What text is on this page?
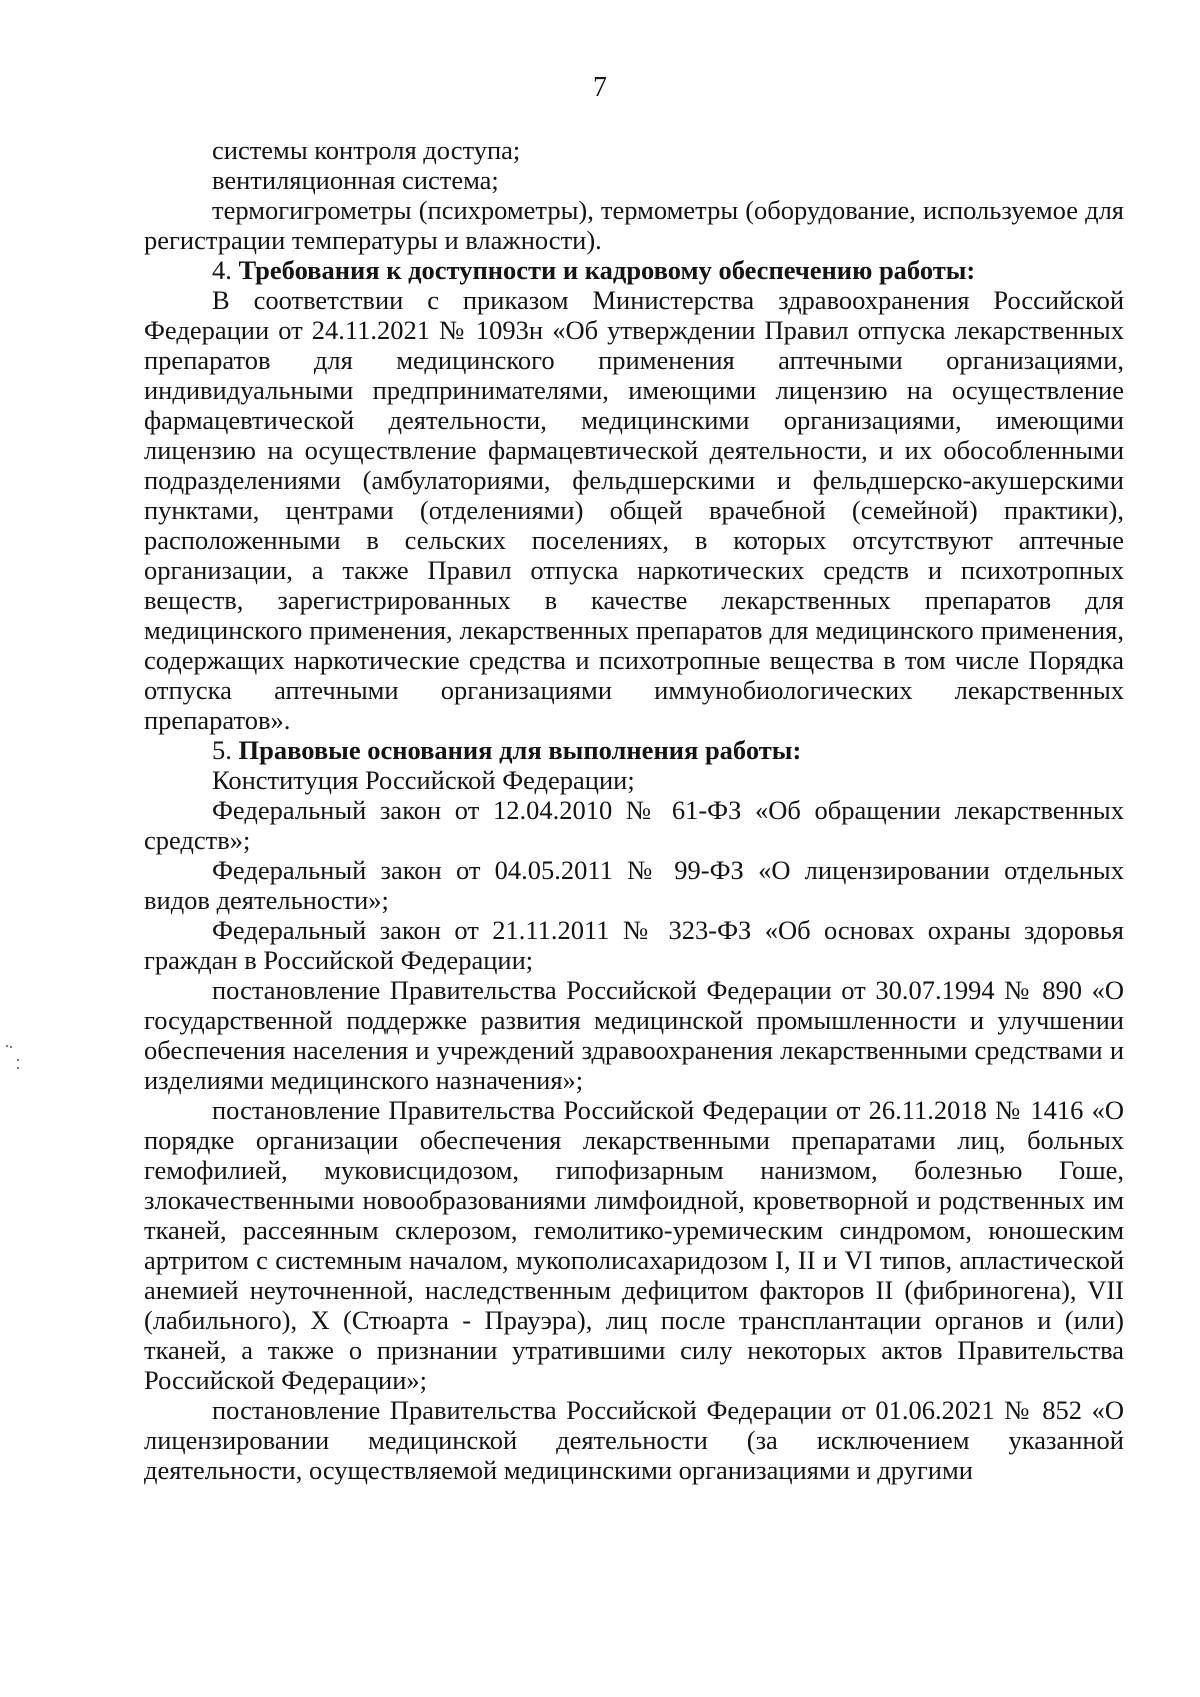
7

системы контроля доступа;

вентиляционная система;

термогигрометры (психрометры), термометры (оборудование, используемое для регистрации температуры и влажности).

4. Требования к доступности и кадровому обеспечению работы:

В соответствии с приказом Министерства здравоохранения Российской Федерации от 24.11.2021 № 1093н «Об утверждении Правил отпуска лекарственных препаратов для медицинского применения аптечными организациями, индивидуальными предпринимателями, имеющими лицензию на осуществление фармацевтической деятельности, медицинскими организациями, имеющими лицензию на осуществление фармацевтической деятельности, и их обособленными подразделениями (амбулаториями, фельдшерскими и фельдшерско-акушерскими пунктами, центрами (отделениями) общей врачебной (семейной) практики), расположенными в сельских поселениях, в которых отсутствуют аптечные организации, а также Правил отпуска наркотических средств и психотропных веществ, зарегистрированных в качестве лекарственных препаратов для медицинского применения, лекарственных препаратов для медицинского применения, содержащих наркотические средства и психотропные вещества в том числе Порядка отпуска аптечными организациями иммунобиологических лекарственных препаратов».

5. Правовые основания для выполнения работы:

Конституция Российской Федерации;

Федеральный закон от 12.04.2010 № 61-ФЗ «Об обращении лекарственных средств»;

Федеральный закон от 04.05.2011 № 99-ФЗ «О лицензировании отдельных видов деятельности»;

Федеральный закон от 21.11.2011 № 323-ФЗ «Об основах охраны здоровья граждан в Российской Федерации;

постановление Правительства Российской Федерации от 30.07.1994 № 890 «О государственной поддержке развития медицинской промышленности и улучшении обеспечения населения и учреждений здравоохранения лекарственными средствами и изделиями медицинского назначения»;

постановление Правительства Российской Федерации от 26.11.2018 № 1416 «О порядке организации обеспечения лекарственными препаратами лиц, больных гемофилией, муковисцидозом, гипофизарным нанизмом, болезнью Гоше, злокачественными новообразованиями лимфоидной, кроветворной и родственных им тканей, рассеянным склерозом, гемолитико-уремическим синдромом, юношеским артритом с системным началом, мукополисахаридозом I, II и VI типов, апластической анемией неуточненной, наследственным дефицитом факторов II (фибриногена), VII (лабильного), X (Стюарта - Прауэра), лиц после трансплантации органов и (или) тканей, а также о признании утратившими силу некоторых актов Правительства Российской Федерации»;

постановление Правительства Российской Федерации от 01.06.2021 № 852 «О лицензировании медицинской деятельности (за исключением указанной деятельности, осуществляемой медицинскими организациями и другими
